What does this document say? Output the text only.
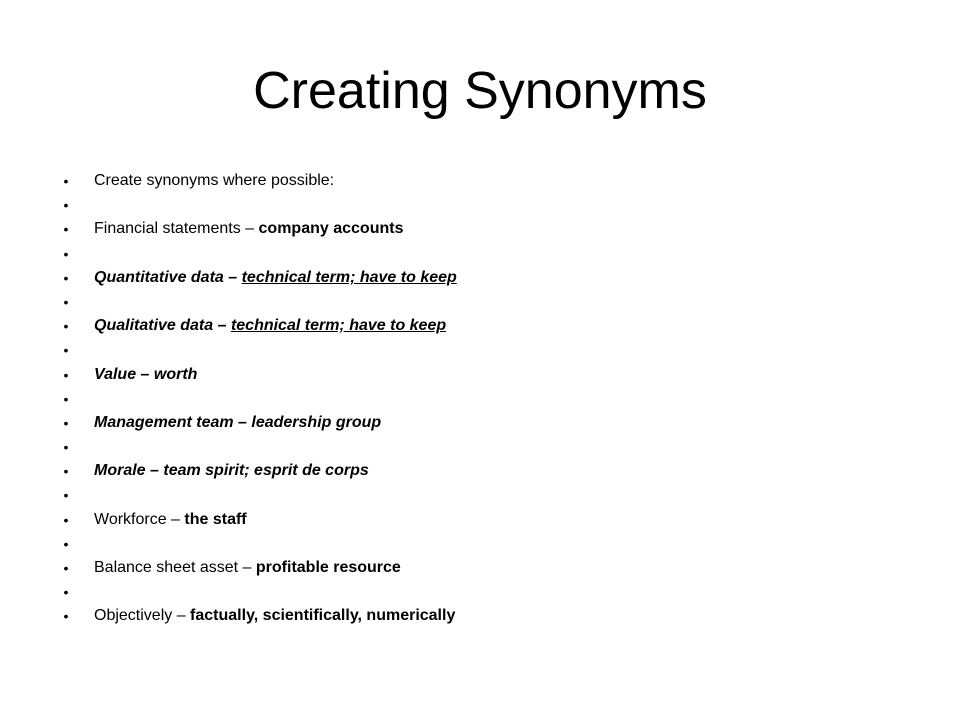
Creating Synonyms
• Create synonyms where possible:
•
• Financial statements – company accounts
•
• Quantitative data – technical term; have to keep
•
• Qualitative data – technical term; have to keep
•
• Value – worth
•
• Management team – leadership group
•
• Morale – team spirit; esprit de corps
•
• Workforce – the staff
•
• Balance sheet asset – profitable resource
•
• Objectively – factually, scientifically, numerically
